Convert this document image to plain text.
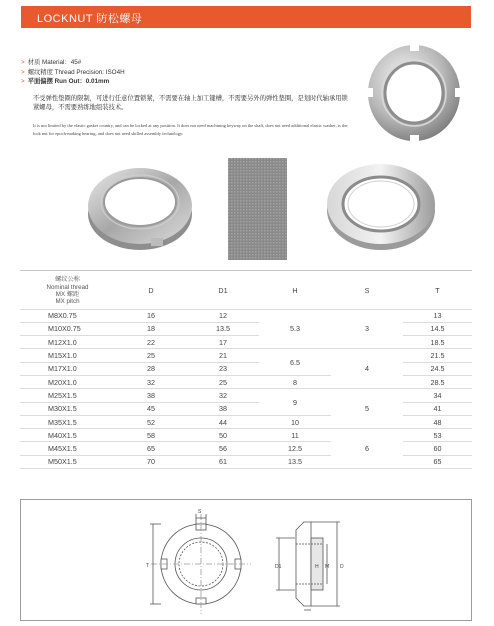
LOCKNUT 防松螺母
> 材质 Material：45#
> 螺纹精度 Thread Precision: ISO4H
> 平面偏摆 Run Out：0.01mm
不受弹性垫圈的限制，可进行任意位置锁紧，不需要在轴上加工键槽，不需要另外的弹性垫圈，是划时代轴承用锁紧螺母，不需要熟练地组装技术。
It is not limited by the elastic gasket country, and can be locked at any position. It does not need machining keyway on the shaft, does not need additional elastic washer, is the lock nut for epoch-making bearing, and does not need skilled assembly technology.
螺纹公称
Nominal thread
MX 螺距
MX pitch	D	D1	H	S	T
M8X0.75	16	12	5.3	3	13
M10X0.75	18	13.5			14.5
M12X1.0	22	17			18.5
M15X1.0	25	21	6.5	4	21.5
M17X1.0	28	23			24.5
M20X1.0	32	25	8		28.5
M25X1.5	38	32	9	5	34
M30X1.5	45	38			41
M35X1.5	52	44	10		48
M40X1.5	58	50	11	6	53
M45X1.5	65	56	12.5		60
M50X1.5	70	61	13.5		65
S
T	D1	H M D
